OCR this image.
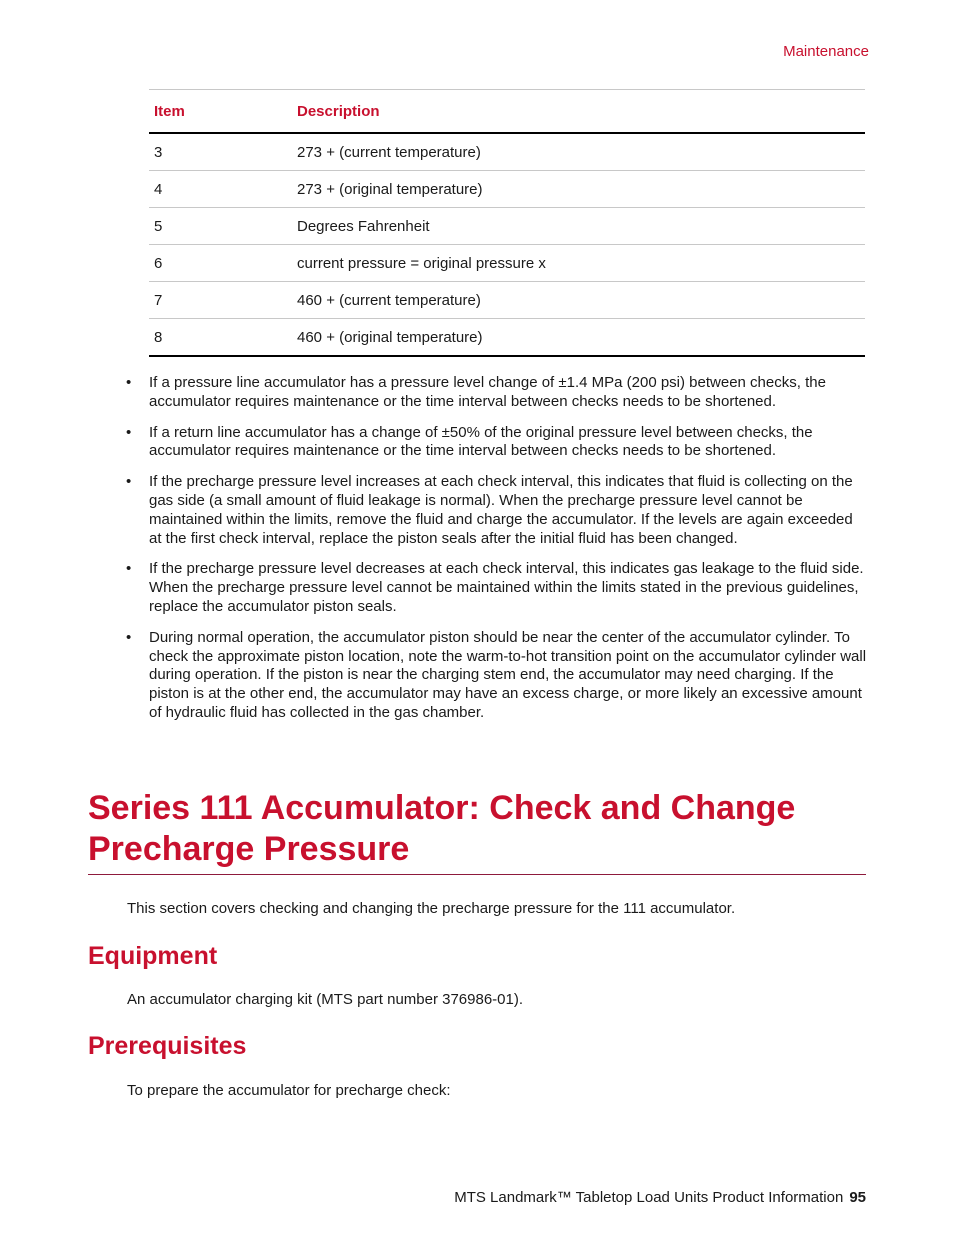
Maintenance
Item	Description
3	273 + (current temperature)
4	273 + (original temperature)
5	Degrees Fahrenheit
6	current pressure = original pressure x
7	460 + (current temperature)
8	460 + (original temperature)
• If a pressure line accumulator has a pressure level change of ±1.4 MPa (200 psi) between checks, the accumulator requires maintenance or the time interval between checks needs to be shortened.
• If a return line accumulator has a change of ±50% of the original pressure level between checks, the accumulator requires maintenance or the time interval between checks needs to be shortened.
• If the precharge pressure level increases at each check interval, this indicates that fluid is collecting on the gas side (a small amount of fluid leakage is normal). When the precharge pressure level cannot be maintained within the limits, remove the fluid and charge the accumulator. If the levels are again exceeded at the first check interval, replace the piston seals after the initial fluid has been changed.
• If the precharge pressure level decreases at each check interval, this indicates gas leakage to the fluid side. When the precharge pressure level cannot be maintained within the limits stated in the previous guidelines, replace the accumulator piston seals.
• During normal operation, the accumulator piston should be near the center of the accumulator cylinder. To check the approximate piston location, note the warm-to-hot transition point on the accumulator cylinder wall during operation. If the piston is near the charging stem end, the accumulator may need charging. If the piston is at the other end, the accumulator may have an excess charge, or more likely an excessive amount of hydraulic fluid has collected in the gas chamber.
Series 111 Accumulator: Check and Change Precharge Pressure
This section covers checking and changing the precharge pressure for the 111 accumulator.
Equipment
An accumulator charging kit (MTS part number 376986-01).
Prerequisites
To prepare the accumulator for precharge check:
MTS Landmark™ Tabletop Load Units Product Information 95
